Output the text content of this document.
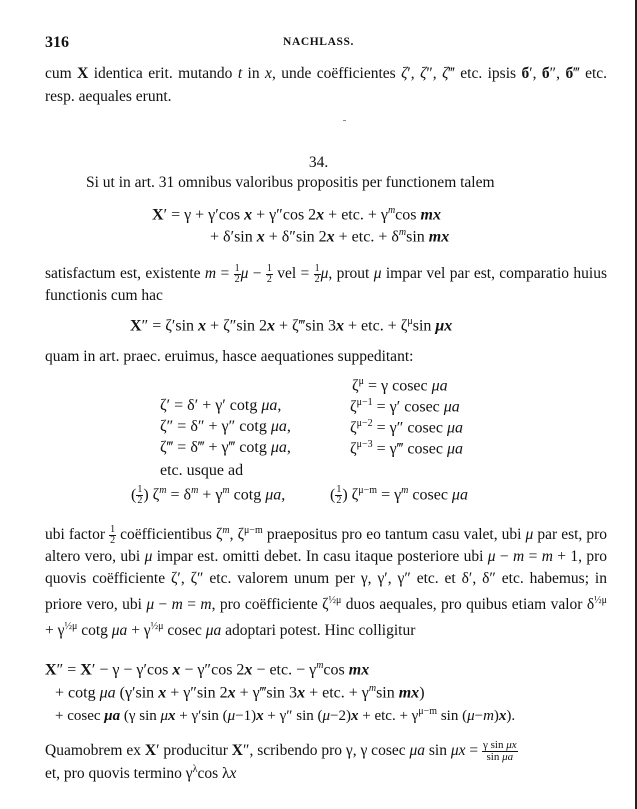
316	NACHLASS.
cum X identica erit. mutando t in x, unde coëfficientes ζ′, ζ″, ζ‴ etc. ipsis б′, б″, б‴ etc. resp. aequales erunt.
34.
Si ut in art. 31 omnibus valoribus propositis per functionem talem
X′ = γ + γ′cos x + γ″cos 2x + etc. + $\gamma^m\cos$ mx
+ δ′sin x + δ″sin 2x + etc. + $\delta^m\sin$ mx
satisfactum est, existente $m = \frac{1}{2}$ $\mu - \frac{1}{2}$ vel = $\frac{1}{2} \mu$, prout μ impar vel par est, comparatio huius functionis cum hac
X″ = ζ′sin x + ζ″sin 2x + ζ‴sin 3x + etc. + $\zeta^\mu\sin$ μx
quam in art. praec. eruimus, hasce aequationes suppeditant:
$\zeta^\mu = \gamma$ cosec μa
ζ′ = δ′ + γ′ cotg μa,
ζ″ = δ″ + γ″ cotg μa,
ζ‴ = δ‴ + γ‴ cotg μa,
etc. usque ad
( $\frac{1}{2}$ ) $\zeta^m = \delta^m + \gamma^m$ cotg μa,
$\zeta^{\mu-1} = \gamma'$ cosec μa
$\zeta^{\mu-2} = \gamma''$ cosec μa
$\zeta^{\mu-3}$ = γ‴ cosec μa
( $\frac{1}{2}$ ) $\zeta^{\mu-m} = \gamma^m$ cosec μa
ubi factor $\frac{1}{2}$ coëfficientibus $\zeta^m$, $\zeta^{\mu-m}$ praepositus pro eo tantum casu valet, ubi μ par est, pro altero vero, ubi μ impar est. omitti debet. In casu itaque posteriore ubi μ − m = m + 1, pro quovis coëfficiente ζ′, ζ″ etc. valorem unum per γ, γ′, γ″ etc. et δ′, δ″ etc. habemus; in priore vero, ubi μ − m = m, pro coëfficiente $\zeta^{\frac{1}{2}\mu}$ duos aequales, pro quibus etiam valor $\delta^{\frac{1}{2}\mu} + \gamma^{\frac{1}{2}\mu}$ cotg $\mu a + \gamma^{\frac{1}{2}\mu}$ cosec μa adoptari potest. Hinc colligitur
X″ = X′ − γ − γ′cos x − γ″cos 2x − etc. − $\gamma^m\cos$ mx
+ cotg μa (γ′sin x + γ″sin 2x + γ‴sin 3x + etc. + $\gamma^m\sin$ mx)
+ cosec μa (γ sin μx + γ′sin (μ−1)x + γ″ sin (μ−2)x + etc. + $\gamma^{\mu-m}$ sin (μ−m)x).
Quamobrem ex X′ producitur X″, scribendo pro γ, γ cosec μa $\sin \mu x = \frac{\text{γ sin μx}}{\text{sin μa}}$
et, pro quovis termino $\gamma^\lambda\cos$ λx
